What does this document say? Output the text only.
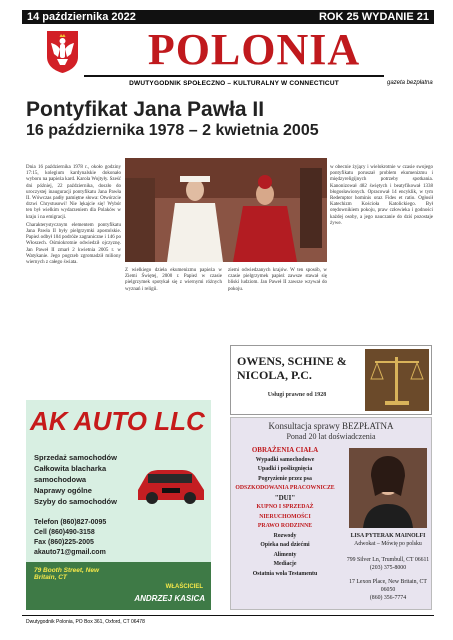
14 października 2022	ROK 25 WYDANIE 21
POLONIA
DWUTYGODNIK SPOŁECZNO – KULTURALNY W CONNECTICUT	gazeta bezpłatna
Pontyfikat Jana Pawła II
16 października 1978 – 2 kwietnia 2005

Dnia 16 października 1978 r., około godziny 17:15, kolegium kardynalskie dokonało wyboru na papieża kard. Karola Wojtyły. Sześć dni później, 22 października, doszło do uroczystej inauguracji pontyfikatu Jana Pawła II. Wówczas padły pamiętne słowa: Otwórzcie drzwi Chrystusowi! Nie lękajcie się! Wybór ten był wielkim wydarzeniem dla Polaków w kraju i na emigracji.

Charakterystycznym elementem pontyfikatu Jana Pawła II były pielgrzymki apostolskie. Papież odbył 104 podróże zagraniczne i 146 po Włoszech. Ośmiokrotnie odwiedził ojczyznę. Jan Paweł II zmarł 2 kwietnia 2005 r. w Watykanie. Jego pogrzeb zgromadził miliony wiernych z całego świata.

Z wielkiego dzieła ekumenizmu papieża w Ziemi Świętej, 2000 r. Papież w czasie pielgrzymek spotykał się z wiernymi różnych wyznań i religii.
ziemi odwiedzanych krajów. W ten sposób, w czasie pielgrzymek papież zawsze stawał się bliski ludziom. Jan Paweł II zawsze wzywał do pokoju.
w obecnie żyjący i wielokrotnie w czasie swojego pontyfikatu poruszał problem ekumenizmu i międzyreligijnych potrzeby spotkania. Kanonizował 482 świętych i beatyfikował 1338 błogosławionych. Opracował 14 encyklik, w tym Redemptor hominis oraz Fides et ratio. Ogłosił Katechizm Kościoła Katolickiego. Był orędownikiem pokoju, praw człowieka i godności każdej osoby, a jego nauczanie do dziś pozostaje żywe.
AK AUTO LLC
Sprzedaż samochodów
Całkowita blacharka
samochodowa
Naprawy ogólne
Szyby do samochodów
Telefon (860)827-0095
Cell (860)490-3158
Fax (860)225-2005
akauto71@gmail.com
79 Booth Street, New Britain, CT
WŁAŚCICIEL
ANDRZEJ KASICA
OWENS, SCHINE & NICOLA, P.C.
Usługi prawne od 1928
Konsultacja sprawy BEZPŁATNA
Ponad 20 lat doświadczenia
OBRAŻENIA CIAŁA
Wypadki samochodowe
Upadki i poślizgnięcia
Pogryzienie przez psa
ODSZKODOWANIA PRACOWNICZE
"DUI"
KUPNO I SPRZEDAŻ NIERUCHOMOŚCI
PRAWO RODZINNE
Rozwody
Opieka nad dziećmi
Alimenty
Mediacje
Ostatnia wola Testamentu
LISA PYTERAK MAINOLFI
Adwokat – Mówię po polsku
799 Silver Ln, Trumbull, CT 06611
(203) 375-8000
17 Lexon Place, New Britain, CT 06050
(860) 356-7774
Dwutygodnik Polonia, PO Box 361, Oxford, CT 06478
